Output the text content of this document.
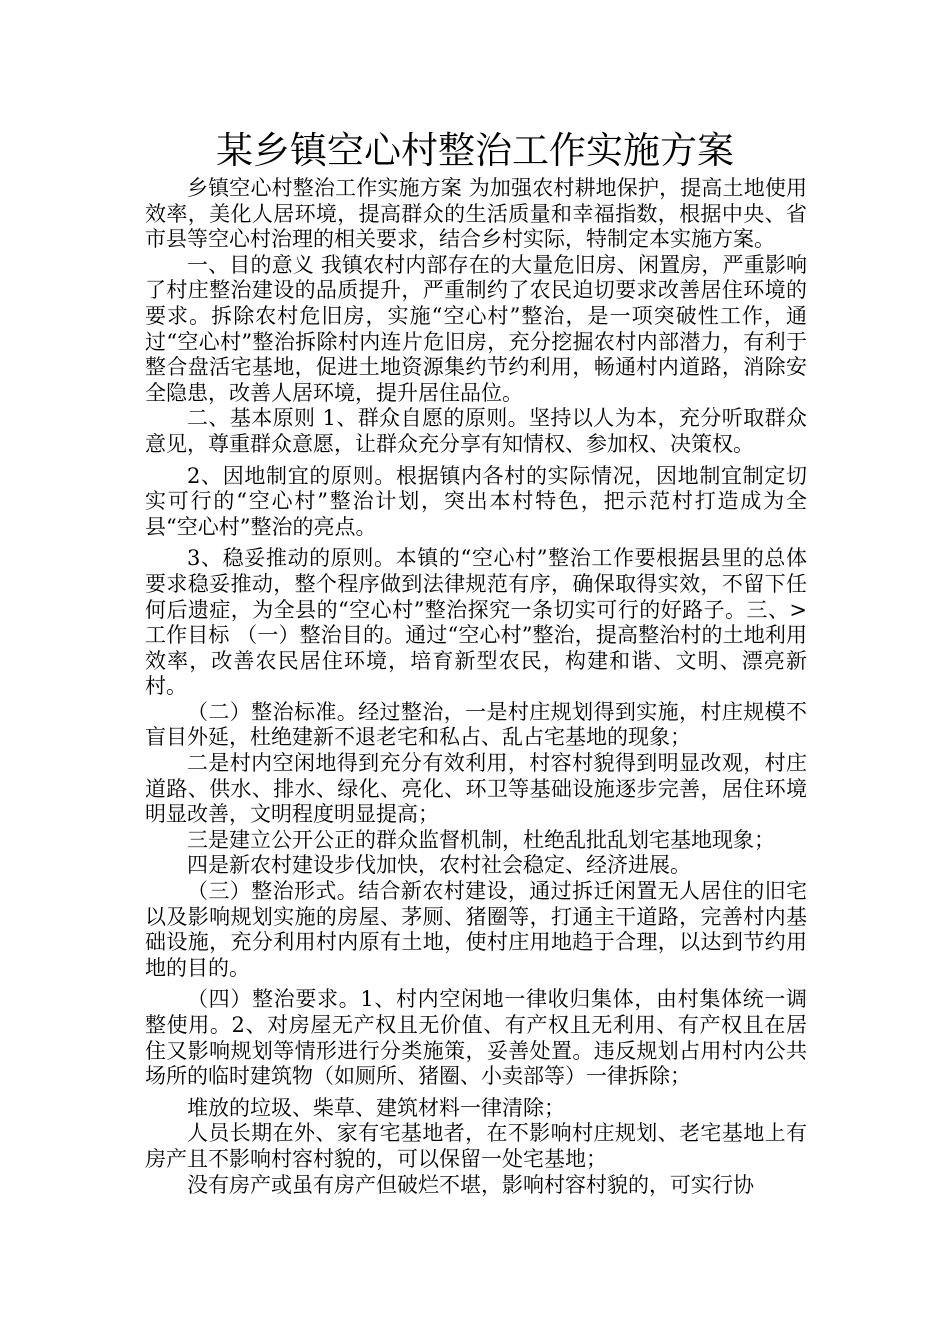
某乡镇空心村整治工作实施方案

乡镇空心村整治工作实施方案 为加强农村耕地保护，提高土地使用效率，美化人居环境，提高群众的生活质量和幸福指数，根据中央、省市县等空心村治理的相关要求，结合乡村实际，特制定本实施方案。

一、目的意义 我镇农村内部存在的大量危旧房、闲置房，严重影响了村庄整治建设的品质提升，严重制约了农民迫切要求改善居住环境的要求。拆除农村危旧房，实施“空心村”整治，是一项突破性工作，通过“空心村”整治拆除村内连片危旧房，充分挖掘农村内部潜力，有利于整合盘活宅基地，促进土地资源集约节约利用，畅通村内道路，消除安全隐患，改善人居环境，提升居住品位。

二、基本原则 1、群众自愿的原则。坚持以人为本，充分听取群众意见，尊重群众意愿，让群众充分享有知情权、参加权、决策权。

2、因地制宜的原则。根据镇内各村的实际情况，因地制宜制定切实可行的“空心村”整治计划，突出本村特色，把示范村打造成为全县“空心村”整治的亮点。

3、稳妥推动的原则。本镇的“空心村”整治工作要根据县里的总体要求稳妥推动，整个程序做到法律规范有序，确保取得实效，不留下任何后遗症，为全县的“空心村”整治探究一条切实可行的好路子。三、>工作目标 （一）整治目的。通过“空心村”整治，提高整治村的土地利用效率，改善农民居住环境，培育新型农民，构建和谐、文明、漂亮新村。

（二）整治标准。经过整治，一是村庄规划得到实施，村庄规模不盲目外延，杜绝建新不退老宅和私占、乱占宅基地的现象；

二是村内空闲地得到充分有效利用，村容村貌得到明显改观，村庄道路、供水、排水、绿化、亮化、环卫等基础设施逐步完善，居住环境明显改善，文明程度明显提高；

三是建立公开公正的群众监督机制，杜绝乱批乱划宅基地现象；

四是新农村建设步伐加快，农村社会稳定、经济进展。

（三）整治形式。结合新农村建设，通过拆迁闲置无人居住的旧宅以及影响规划实施的房屋、茅厕、猪圈等，打通主干道路，完善村内基础设施，充分利用村内原有土地，使村庄用地趋于合理，以达到节约用地的目的。

（四）整治要求。1、村内空闲地一律收归集体，由村集体统一调整使用。2、对房屋无产权且无价值、有产权且无利用、有产权且在居住又影响规划等情形进行分类施策，妥善处置。违反规划占用村内公共场所的临时建筑物（如厕所、猪圈、小卖部等）一律拆除；

堆放的垃圾、柴草、建筑材料一律清除；

人员长期在外、家有宅基地者，在不影响村庄规划、老宅基地上有房产且不影响村容村貌的，可以保留一处宅基地；

没有房产或虽有房产但破烂不堪，影响村容村貌的，可实行协
